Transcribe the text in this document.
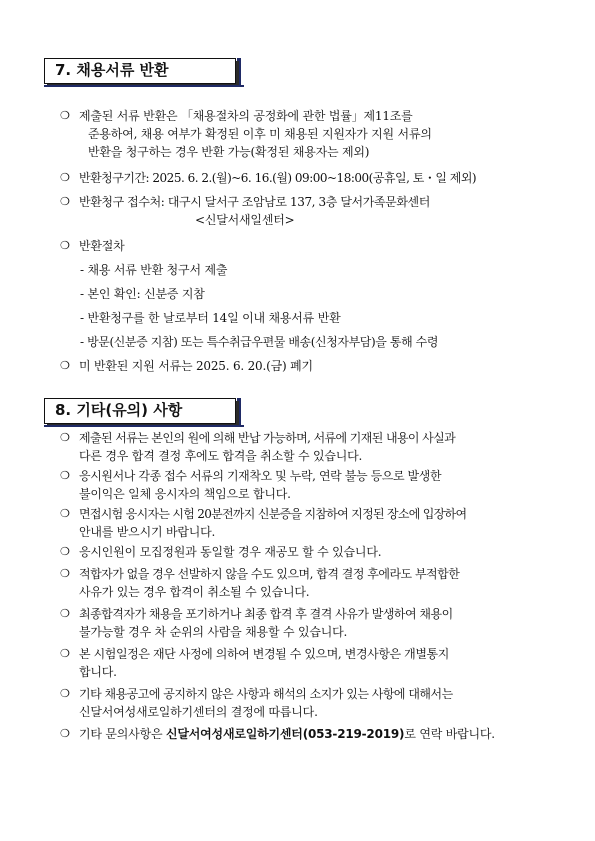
7. 채용서류 반환
❍ 제출된 서류 반환은 「채용절차의 공정화에 관한 법률」제11조를
준용하여, 채용 여부가 확정된 이후 미 채용된 지원자가 지원 서류의
반환을 청구하는 경우 반환 가능(확정된 채용자는 제외)
❍ 반환청구기간: 2025. 6. 2.(월)~6. 16.(월) 09:00~18:00(공휴일, 토・일 제외)
❍ 반환청구 접수처: 대구시 달서구 조암남로 137, 3층 달서가족문화센터
<신달서새일센터>
❍ 반환절차
- 채용 서류 반환 청구서 제출
- 본인 확인: 신분증 지참
- 반환청구를 한 날로부터 14일 이내 채용서류 반환
- 방문(신분증 지참) 또는 특수취급우편물 배송(신청자부담)을 통해 수령
❍ 미 반환된 지원 서류는 2025. 6. 20.(금) 폐기
8. 기타(유의) 사항
❍ 제출된 서류는 본인의 원에 의해 반납 가능하며, 서류에 기재된 내용이 사실과
다른 경우 합격 결정 후에도 합격을 취소할 수 있습니다.
❍ 응시원서나 각종 접수 서류의 기재착오 및 누락, 연락 불능 등으로 발생한
불이익은 일체 응시자의 책임으로 합니다.
❍ 면접시험 응시자는 시험 20분전까지 신분증을 지참하여 지정된 장소에 입장하여
안내를 받으시기 바랍니다.
❍ 응시인원이 모집정원과 동일할 경우 재공모 할 수 있습니다.
❍ 적합자가 없을 경우 선발하지 않을 수도 있으며, 합격 결정 후에라도 부적합한
사유가 있는 경우 합격이 취소될 수 있습니다.
❍ 최종합격자가 채용을 포기하거나 최종 합격 후 결격 사유가 발생하여 채용이
불가능할 경우 차 순위의 사람을 채용할 수 있습니다.
❍ 본 시험일정은 재단 사정에 의하여 변경될 수 있으며, 변경사항은 개별통지
합니다.
❍ 기타 채용공고에 공지하지 않은 사항과 해석의 소지가 있는 사항에 대해서는
신달서여성새로일하기센터의 결정에 따릅니다.
❍ 기타 문의사항은 신달서여성새로일하기센터(053-219-2019)로 연락 바랍니다.
